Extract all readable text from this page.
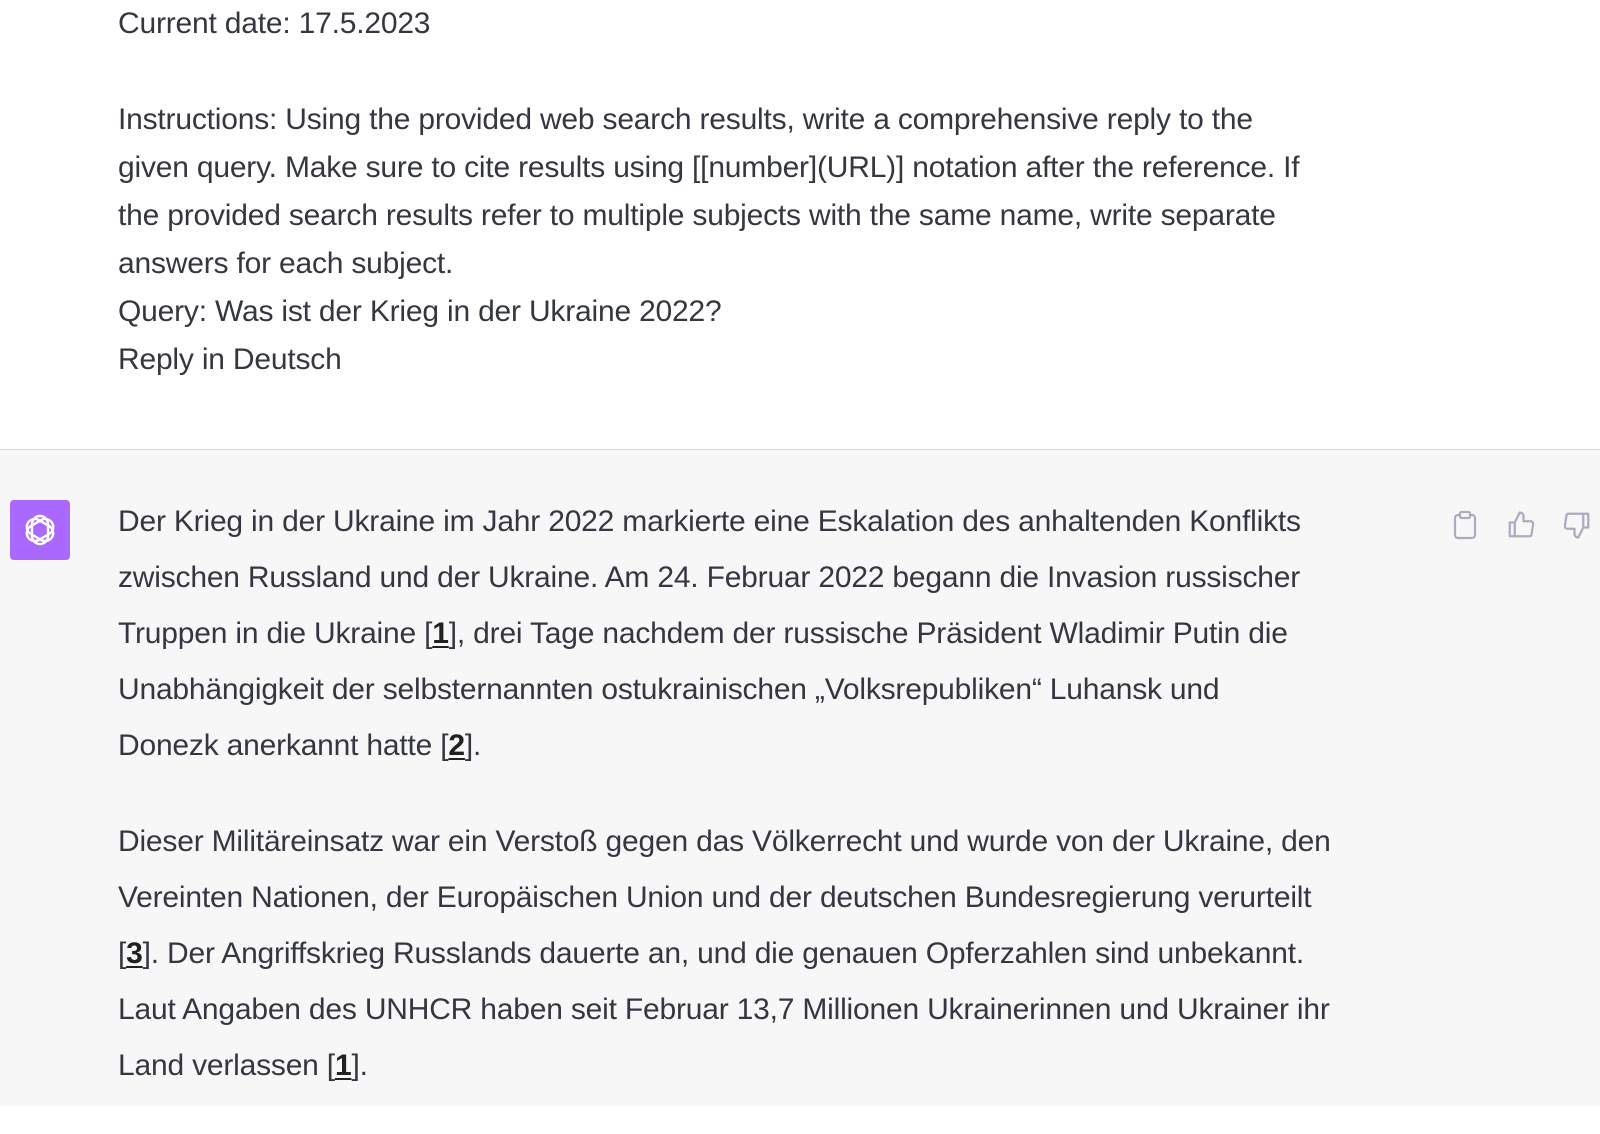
Current date: 17.5.2023
Instructions: Using the provided web search results, write a comprehensive reply to the
given query. Make sure to cite results using [[number](URL)] notation after the reference. If
the provided search results refer to multiple subjects with the same name, write separate
answers for each subject.
Query: Was ist der Krieg in der Ukraine 2022?
Reply in Deutsch

Der Krieg in der Ukraine im Jahr 2022 markierte eine Eskalation des anhaltenden Konflikts
zwischen Russland und der Ukraine. Am 24. Februar 2022 begann die Invasion russischer
Truppen in die Ukraine [1], drei Tage nachdem der russische Präsident Wladimir Putin die
Unabhängigkeit der selbsternannten ostukrainischen „Volksrepubliken“ Luhansk und
Donezk anerkannt hatte [2].

Dieser Militäreinsatz war ein Verstoß gegen das Völkerrecht und wurde von der Ukraine, den
Vereinten Nationen, der Europäischen Union und der deutschen Bundesregierung verurteilt
[3]. Der Angriffskrieg Russlands dauerte an, und die genauen Opferzahlen sind unbekannt.
Laut Angaben des UNHCR haben seit Februar 13,7 Millionen Ukrainerinnen und Ukrainer ihr
Land verlassen [1].
